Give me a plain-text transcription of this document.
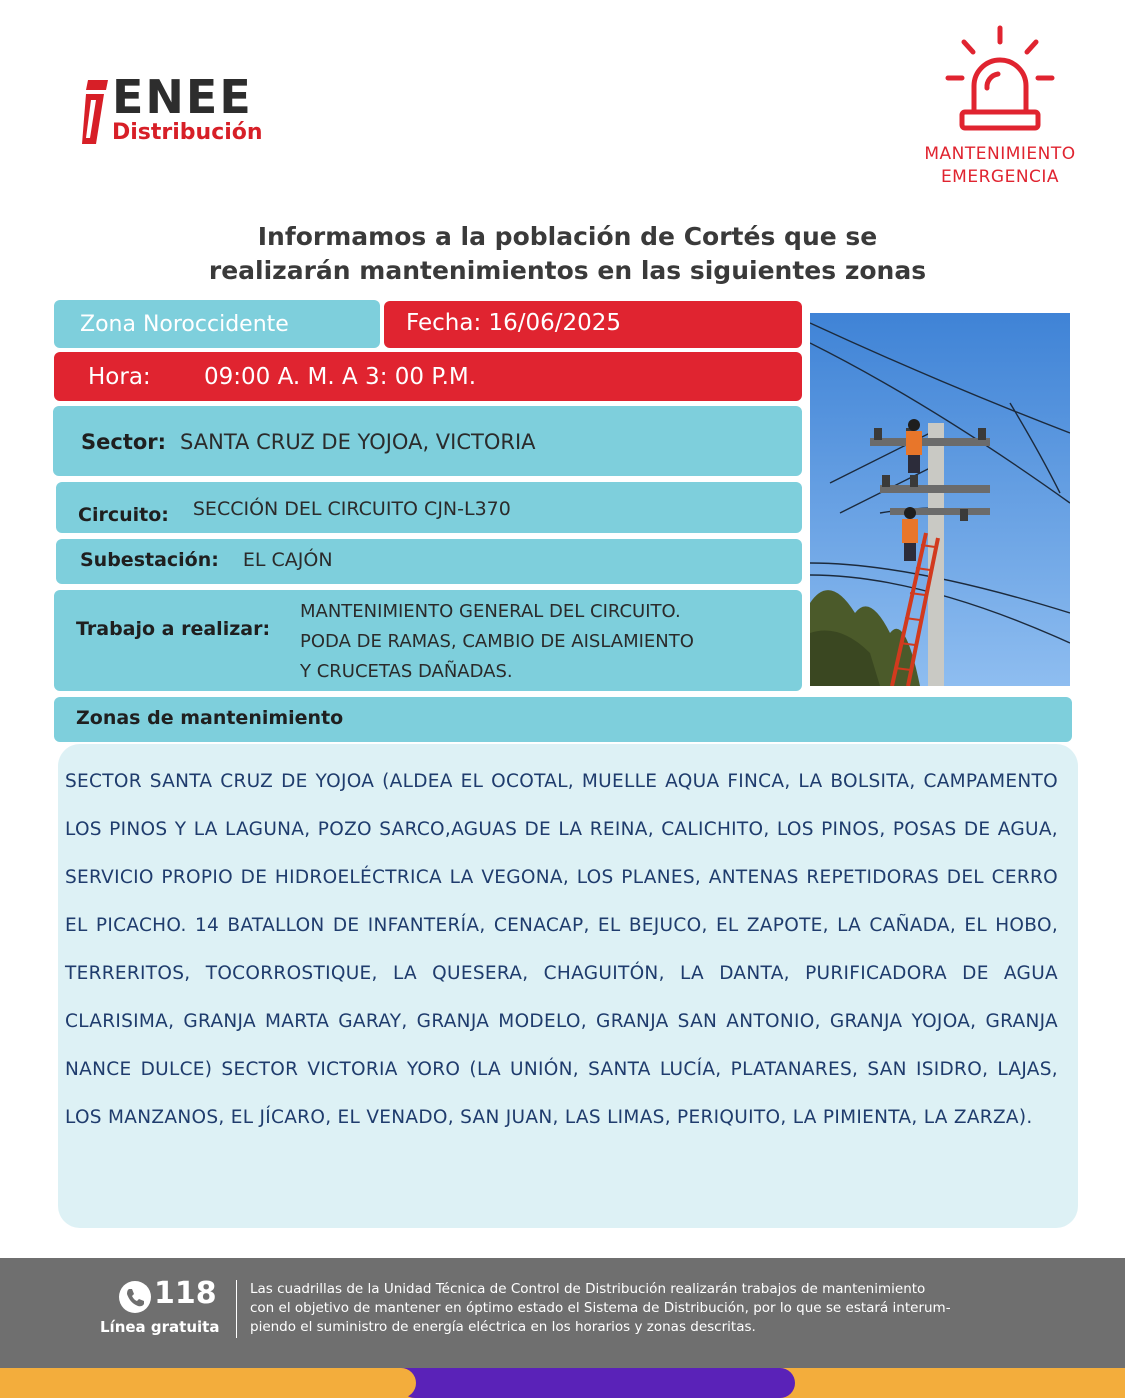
ENEE
Distribución
MANTENIMIENTO
EMERGENCIA
Informamos a la población de Cortés que se
realizarán mantenimientos en las siguientes zonas
Zona Noroccidente	Fecha: 16/06/2025
Hora: 09:00 A. M. A 3: 00 P.M.
Sector: SANTA CRUZ DE YOJOA, VICTORIA
Circuito: SECCIÓN DEL CIRCUITO CJN-L370
Subestación: EL CAJÓN
Trabajo a realizar:
MANTENIMIENTO GENERAL DEL CIRCUITO.
PODA DE RAMAS, CAMBIO DE AISLAMIENTO
Y CRUCETAS DAÑADAS.
Zonas de mantenimiento

SECTOR SANTA CRUZ DE YOJOA (ALDEA EL OCOTAL, MUELLE AQUA FINCA, LA BOLSITA, CAMPAMENTO LOS PINOS Y LA LAGUNA, POZO SARCO,AGUAS DE LA REINA, CALICHITO, LOS PINOS, POSAS DE AGUA, SERVICIO PROPIO DE HIDROELÉCTRICA LA VEGONA, LOS PLANES, ANTENAS REPETIDORAS DEL CERRO EL PICACHO. 14 BATALLON DE INFANTERÍA, CENACAP, EL BEJUCO, EL ZAPOTE, LA CAÑADA, EL HOBO, TERRERITOS, TOCORROSTIQUE, LA QUESERA, CHAGUITÓN, LA DANTA, PURIFICADORA DE AGUA CLARISIMA, GRANJA MARTA GARAY, GRANJA MODELO, GRANJA SAN ANTONIO, GRANJA YOJOA, GRANJA NANCE DULCE) SECTOR VICTORIA YORO (LA UNIÓN, SANTA LUCÍA, PLATANARES, SAN ISIDRO, LAJAS, LOS MANZANOS, EL JÍCARO, EL VENADO, SAN JUAN, LAS LIMAS, PERIQUITO, LA PIMIENTA, LA ZARZA).

118
Línea gratuita
Las cuadrillas de la Unidad Técnica de Control de Distribución realizarán trabajos de mantenimiento
con el objetivo de mantener en óptimo estado el Sistema de Distribución, por lo que se estará interum-
piendo el suministro de energía eléctrica en los horarios y zonas descritas.
